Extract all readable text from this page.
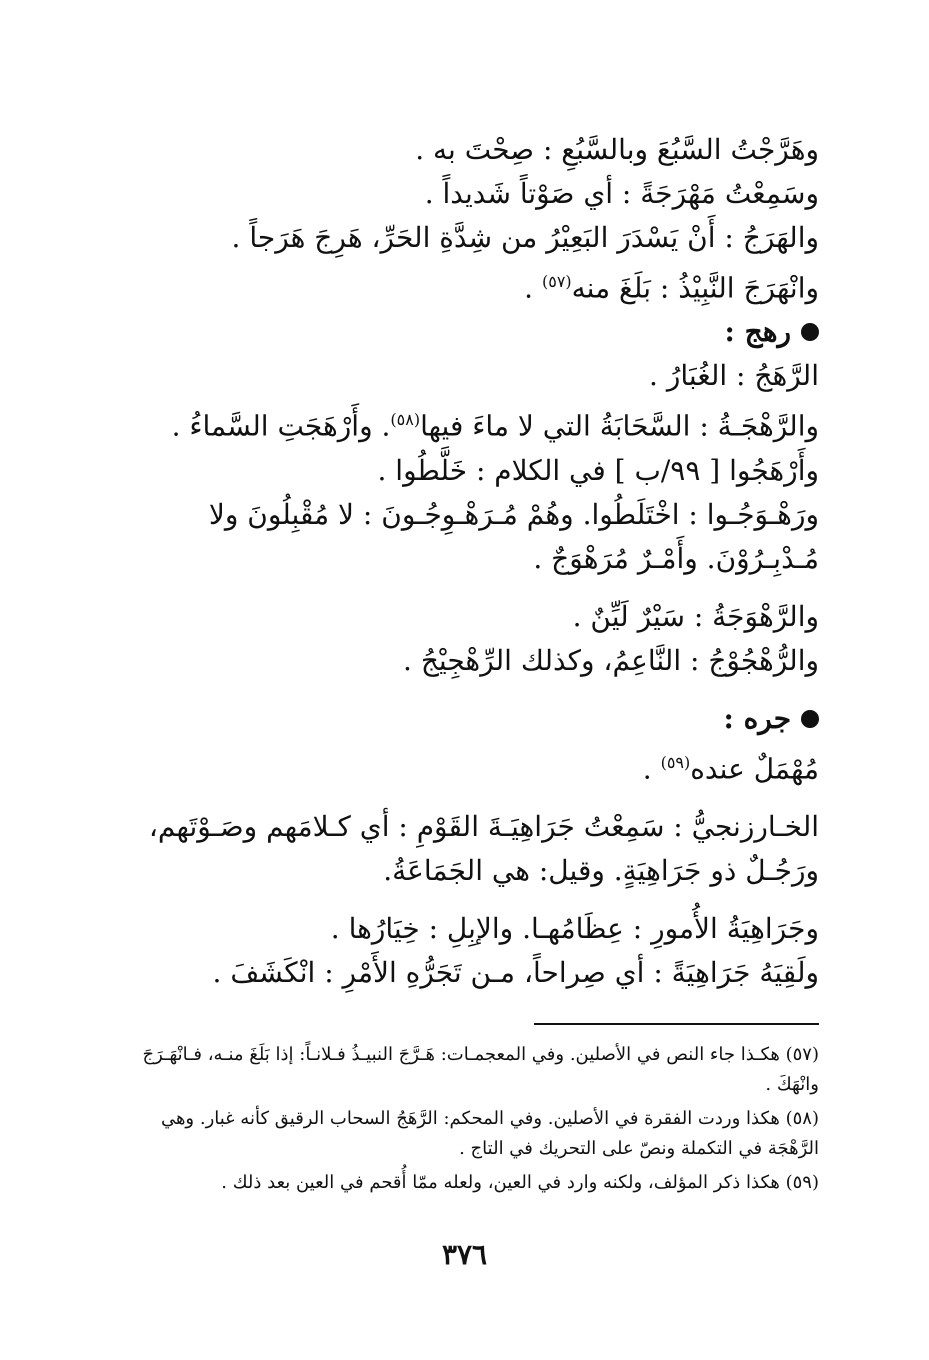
وهَرَّجْتُ السَّبُعَ وبالسَّبُعِ : صِحْتَ به .
وسَمِعْتُ مَهْرَجَةً : أي صَوْتاً شَديداً .
والهَرَجُ : أَنْ يَسْدَرَ البَعِيْرُ من شِدَّةِ الحَرِّ، هَرِجَ هَرَجاً .
وانْهَرَجَ النَّبِيْذُ : بَلَغَ منه$^{(٥٧)}$ .
رهج :
الرَّهَجُ : الغُبَارُ .
والرَّهْجَـةُ : السَّحَابَةُ التي لا ماءَ فيها$^{(٥٨)}$. وأَرْهَجَتِ السَّماءُ .
وأَرْهَجُوا [ ٩٩/ب ] في الكلام : خَلَّطُوا .
ورَهْـوَجُـوا : اخْتَلَطُوا. وهُمْ مُـرَهْـوِجُـونَ : لا مُقْبِلُونَ ولا مُـدْبِـرُوْنَ. وأَمْـرٌ مُرَهْوَجٌ .
والرَّهْوَجَةُ : سَيْرٌ لَيِّنٌ .
والرُّهْجُوْجُ : النَّاعِمُ، وكذلك الرِّهْجِيْجُ .
جره :
مُهْمَلٌ عنده$^{(٥٩)}$ .
الخـارزنجيُّ : سَمِعْتُ جَرَاهِيَـةَ القَوْمِ : أي كـلامَهم وصَـوْتَهم، ورَجُـلٌ ذو جَرَاهِيَةٍ. وقيل: هي الجَمَاعَةُ.
وجَرَاهِيَةُ الأُمورِ : عِظَامُهـا. والإبِلِ : خِيَارُها .
ولَقِيَهُ جَرَاهِيَةً : أي صِراحاً، مـن تَجَرُّهِ الأَمْرِ : انْكَشَفَ .
(٥٧) هكـذا جاء النص في الأصلين. وفي المعجمـات: هَـرَّجَ النبيـذُ فـلانـاً: إذا بَلَغَ منـه، فـانْهَـرَجَ وانْهَكَ .
(٥٨) هكذا وردت الفقرة في الأصلين. وفي المحكم: الرَّهَجُ السحاب الرقيق كأنه غبار. وهي الرَّهْجَة في التكملة ونصّ على التحريك في التاج .
(٥٩) هكذا ذكر المؤلف، ولكنه وارد في العين، ولعله ممّا أُقحم في العين بعد ذلك .
٣٧٦
